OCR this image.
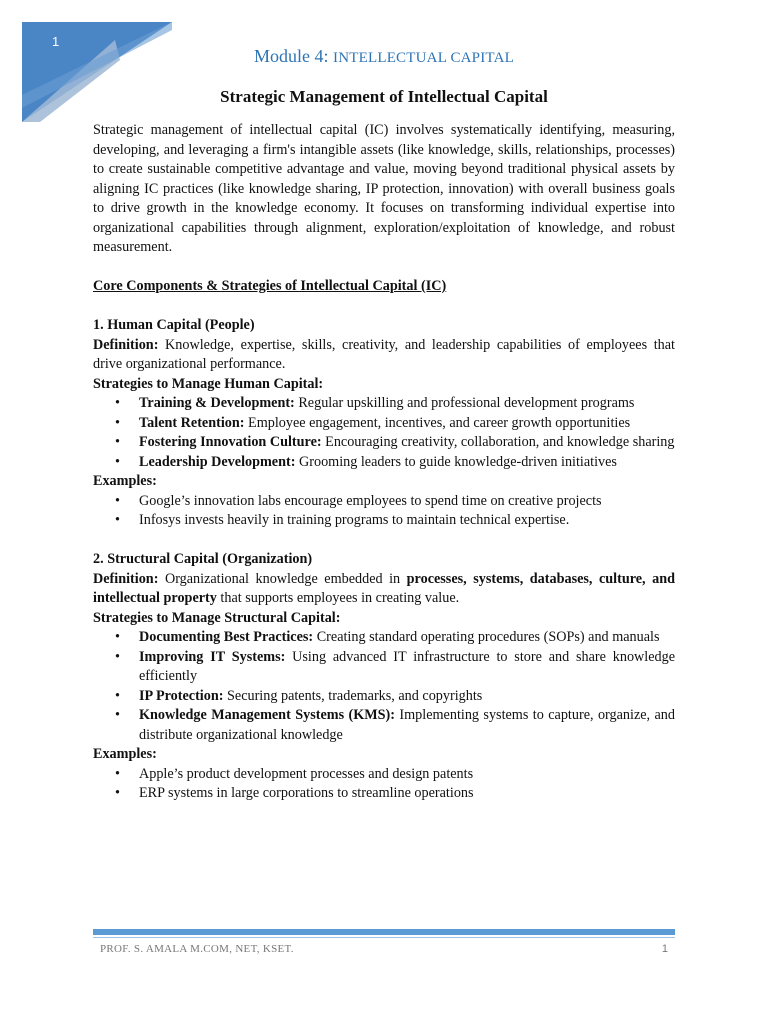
1
Module 4: INTELLECTUAL CAPITAL
Strategic Management of Intellectual Capital

Strategic management of intellectual capital (IC) involves systematically identifying, measuring, developing, and leveraging a firm's intangible assets (like knowledge, skills, relationships, processes) to create sustainable competitive advantage and value, moving beyond traditional physical assets by aligning IC practices (like knowledge sharing, IP protection, innovation) with overall business goals to drive growth in the knowledge economy. It focuses on transforming individual expertise into organizational capabilities through alignment, exploration/exploitation of knowledge, and robust measurement.

Core Components & Strategies of Intellectual Capital (IC)

1. Human Capital (People)

Definition: Knowledge, expertise, skills, creativity, and leadership capabilities of employees that drive organizational performance.

Strategies to Manage Human Capital:

• Training & Development: Regular upskilling and professional development programs
• Talent Retention: Employee engagement, incentives, and career growth opportunities
• Fostering Innovation Culture: Encouraging creativity, collaboration, and knowledge sharing
• Leadership Development: Grooming leaders to guide knowledge-driven initiatives

Examples:

• Google’s innovation labs encourage employees to spend time on creative projects
• Infosys invests heavily in training programs to maintain technical expertise.

2. Structural Capital (Organization)

Definition: Organizational knowledge embedded in processes, systems, databases, culture, and intellectual property that supports employees in creating value.

Strategies to Manage Structural Capital:

• Documenting Best Practices: Creating standard operating procedures (SOPs) and manuals
• Improving IT Systems: Using advanced IT infrastructure to store and share knowledge efficiently
• IP Protection: Securing patents, trademarks, and copyrights
• Knowledge Management Systems (KMS): Implementing systems to capture, organize, and distribute organizational knowledge

Examples:

• Apple’s product development processes and design patents
• ERP systems in large corporations to streamline operations
PROF. S. AMALA M.COM, NET, KSET.	1
